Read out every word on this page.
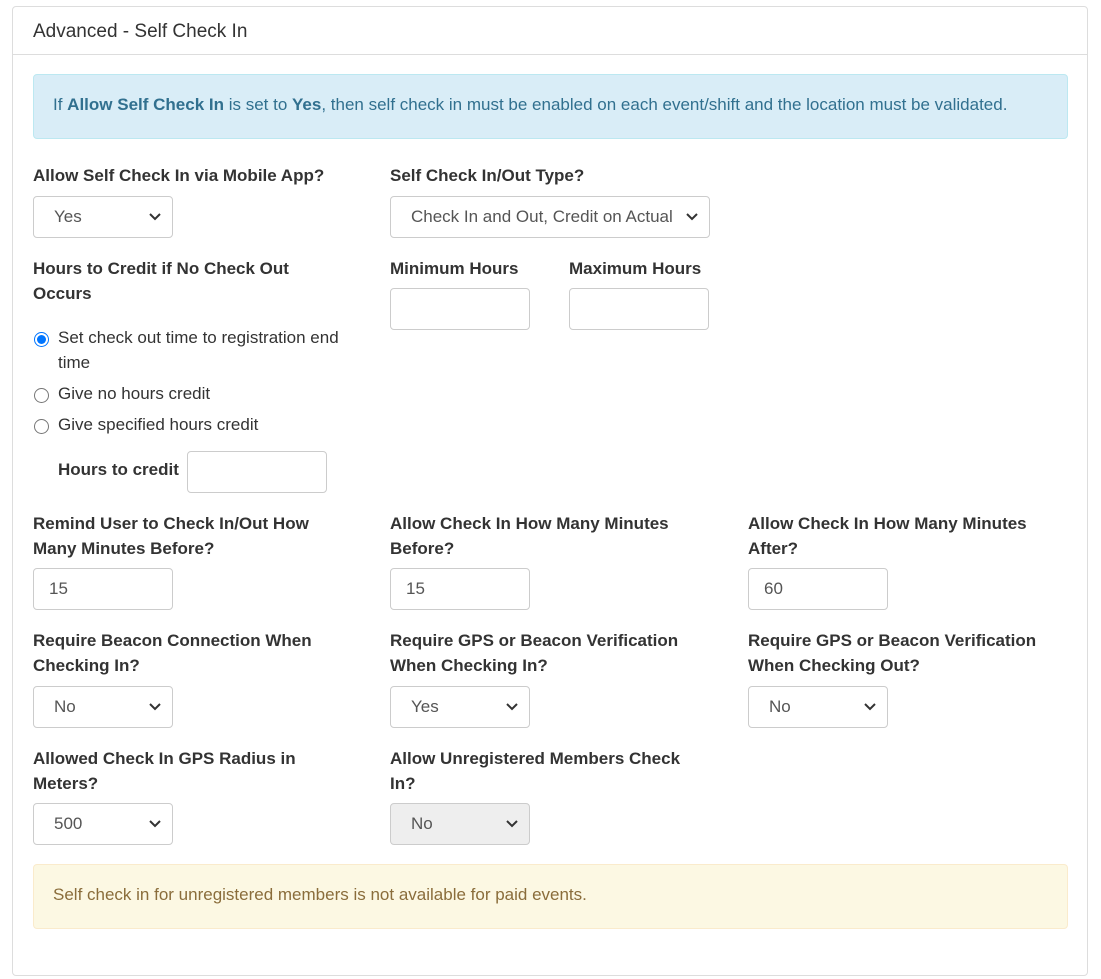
Advanced - Self Check In
If Allow Self Check In is set to Yes, then self check in must be enabled on each event/shift and the location must be validated.
Allow Self Check In via Mobile App?
Yes
Self Check In/Out Type?
Check In and Out, Credit on Actual
Hours to Credit if No Check Out Occurs
Set check out time to registration end time
Give no hours credit
Give specified hours credit
Hours to credit
Minimum Hours	Maximum Hours
Remind User to Check In/Out How Many Minutes Before?
15
Allow Check In How Many Minutes Before?
15
Allow Check In How Many Minutes After?
60
Require Beacon Connection When Checking In?
No
Require GPS or Beacon Verification When Checking In?
Yes
Require GPS or Beacon Verification When Checking Out?
No
Allowed Check In GPS Radius in Meters?
500
Allow Unregistered Members Check In?
No
Self check in for unregistered members is not available for paid events.
